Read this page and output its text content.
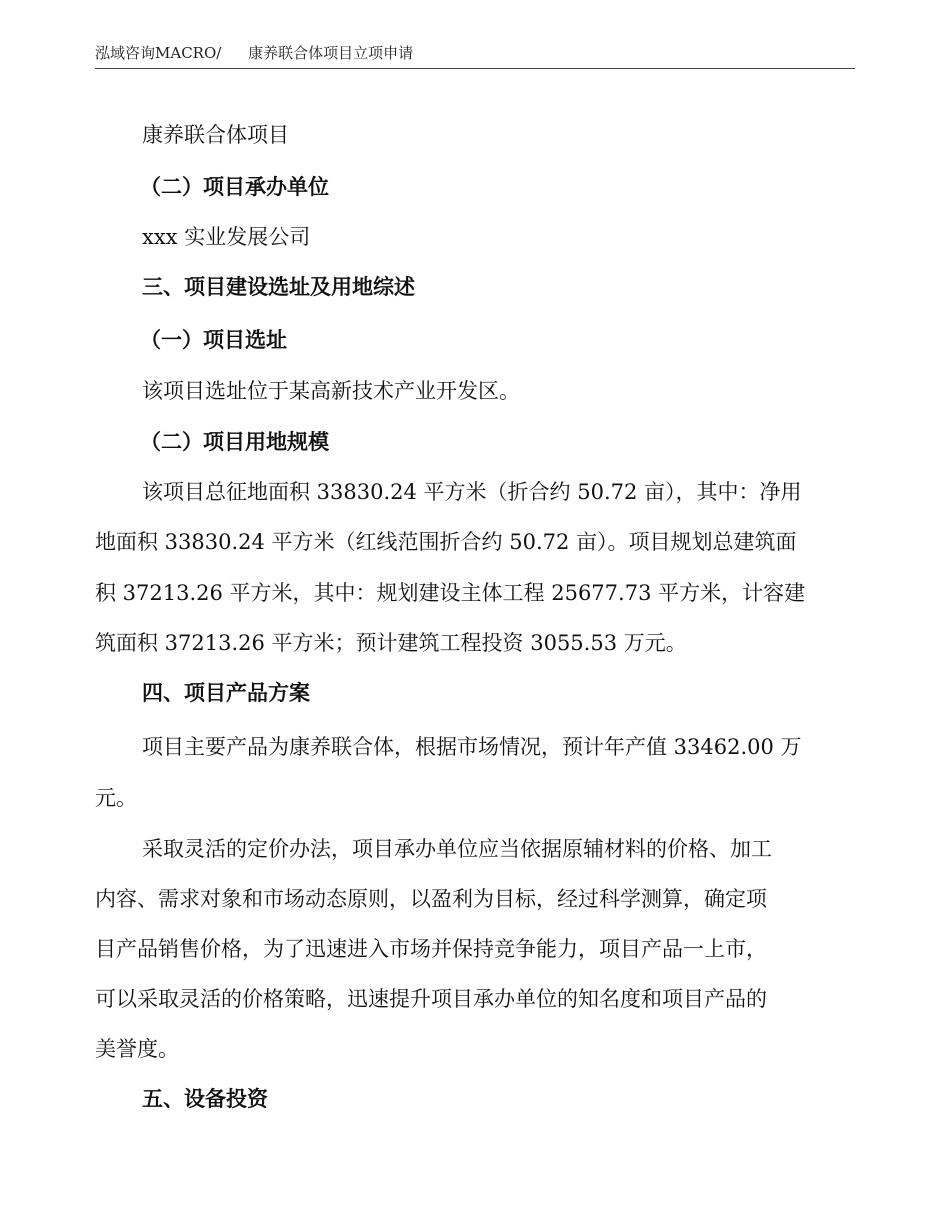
泓域咨询MACRO/ 康养联合体项目立项申请
康养联合体项目
（二）项目承办单位
xxx 实业发展公司
三、项目建设选址及用地综述
（一）项目选址
该项目选址位于某高新技术产业开发区。
（二）项目用地规模
该项目总征地面积 33830.24 平方米（折合约 50.72 亩），其中：净用
地面积 33830.24 平方米（红线范围折合约 50.72 亩）。项目规划总建筑面
积 37213.26 平方米，其中：规划建设主体工程 25677.73 平方米，计容建
筑面积 37213.26 平方米；预计建筑工程投资 3055.53 万元。
四、项目产品方案
项目主要产品为康养联合体，根据市场情况，预计年产值 33462.00 万
元。
采取灵活的定价办法，项目承办单位应当依据原辅材料的价格、加工
内容、需求对象和市场动态原则，以盈利为目标，经过科学测算，确定项
目产品销售价格，为了迅速进入市场并保持竞争能力，项目产品一上市，
可以采取灵活的价格策略，迅速提升项目承办单位的知名度和项目产品的
美誉度。
五、设备投资
